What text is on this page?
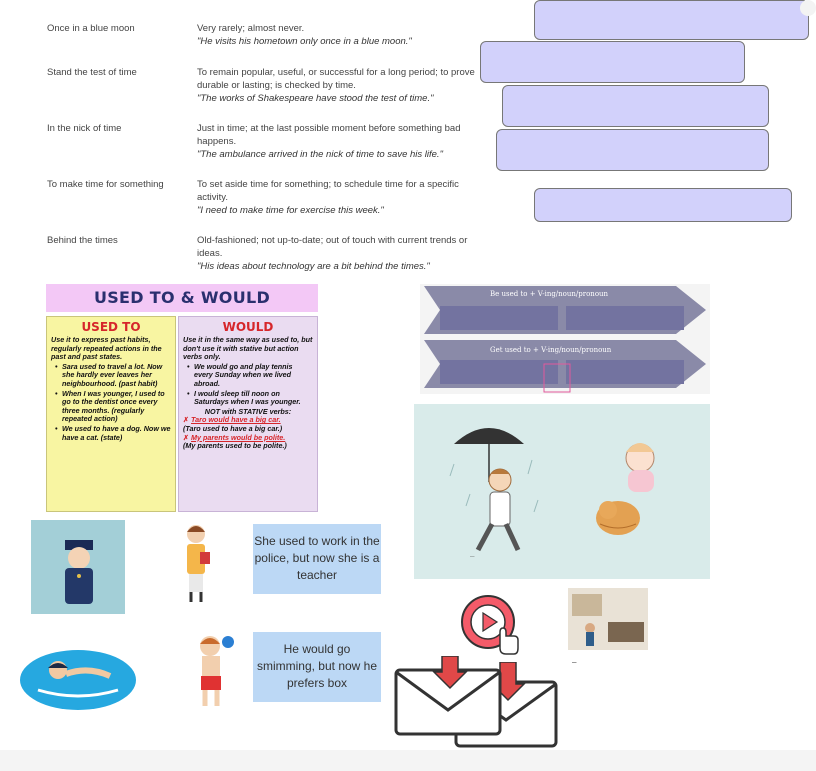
Once in a blue moon	Very rarely; almost never.
"He visits his hometown only once in a blue moon."
Stand the test of time	To remain popular, useful, or successful for a long period; to prove durable or lasting; is checked by time.
"The works of Shakespeare have stood the test of time."
In the nick of time	Just in time; at the last possible moment before something bad happens.
"The ambulance arrived in the nick of time to save his life."
To make time for something	To set aside time for something; to schedule time for a specific activity.
"I need to make time for exercise this week."
Behind the times	Old-fashioned; not up-to-date; out of touch with current trends or ideas.
"His ideas about technology are a bit behind the times."
USED TO & WOULD
USED TO
Use it to express past habits, regularly repeated actions in the past and past states.
• Sara used to travel a lot. Now she hardly ever leaves her neighbourhood. (past habit)
• When I was younger, I used to go to the dentist once every three months. (regularly repeated action)
• We used to have a dog. Now we have a cat. (state)
WOULD
Use it in the same way as used to, but don't use it with stative but action verbs only.
• We would go and play tennis every Sunday when we lived abroad.
• I would sleep till noon on Saturdays when I was younger.
NOT with STATIVE verbs:
✗ Taro would have a big car.
(Taro used to have a big car.)
✗ My parents would be polite.
(My parents used to be polite.)
Be used to + V-ing/noun/pronoun
Get used to + V-ing/noun/pronoun
—
She used to work in the police, but now she is a teacher
He would go smimming, but now he prefers box
—
